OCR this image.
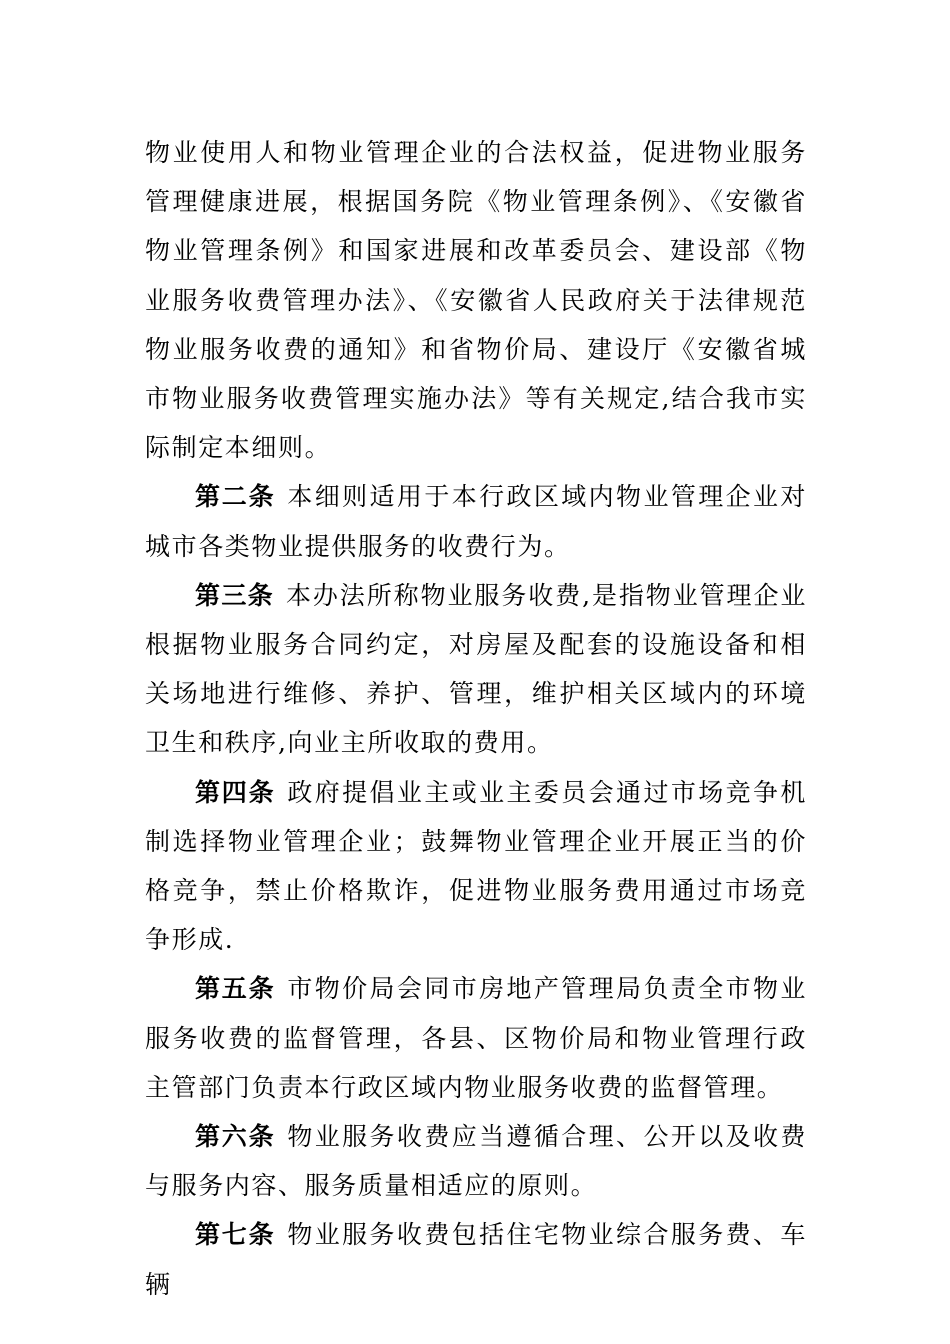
物业使用人和物业管理企业的合法权益，促进物业服务管理健康进展，根据国务院《物业管理条例》、《安徽省物业管理条例》和国家进展和改革委员会、建设部《物业服务收费管理办法》、《安徽省人民政府关于法律规范物业服务收费的通知》和省物价局、建设厅《安徽省城市物业服务收费管理实施办法》等有关规定,结合我市实际制定本细则。

第二条 本细则适用于本行政区域内物业管理企业对城市各类物业提供服务的收费行为。

第三条 本办法所称物业服务收费,是指物业管理企业根据物业服务合同约定，对房屋及配套的设施设备和相关场地进行维修、养护、管理，维护相关区域内的环境卫生和秩序,向业主所收取的费用。

第四条 政府提倡业主或业主委员会通过市场竞争机制选择物业管理企业；鼓舞物业管理企业开展正当的价格竞争，禁止价格欺诈，促进物业服务费用通过市场竞争形成.

第五条 市物价局会同市房地产管理局负责全市物业服务收费的监督管理，各县、区物价局和物业管理行政主管部门负责本行政区域内物业服务收费的监督管理。

第六条 物业服务收费应当遵循合理、公开以及收费与服务内容、服务质量相适应的原则。

第七条 物业服务收费包括住宅物业综合服务费、车辆
